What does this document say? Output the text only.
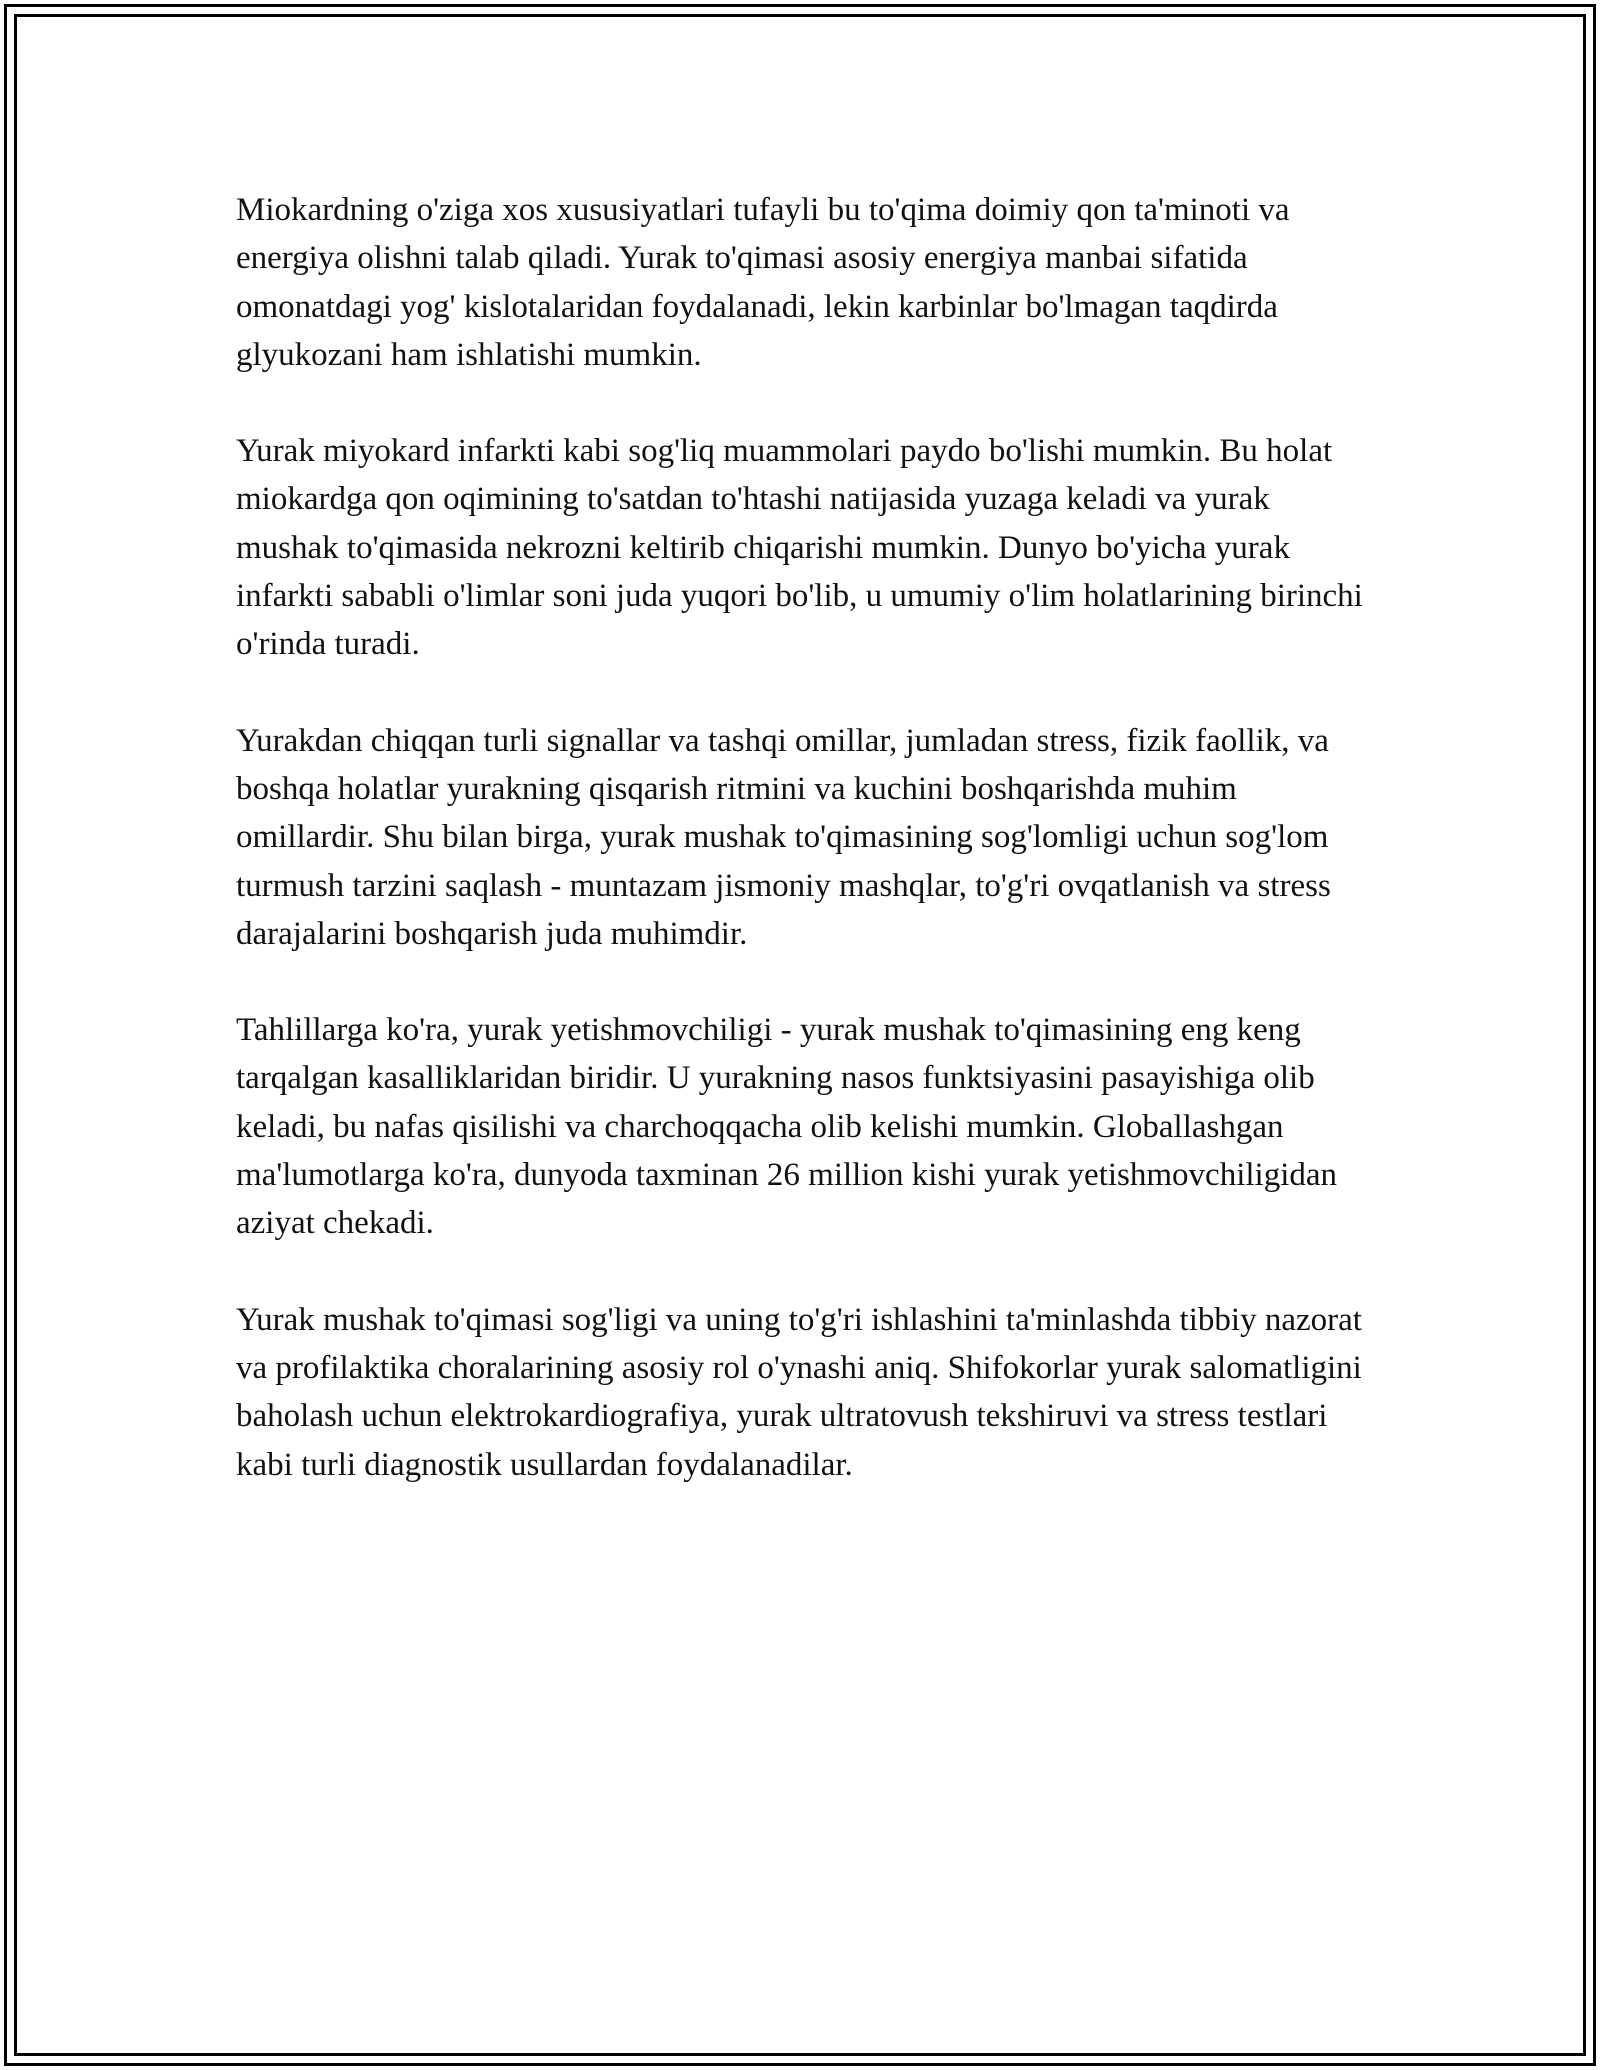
Miokardning o'ziga xos xususiyatlari tufayli bu to'qima doimiy qon ta'minoti va energiya olishni talab qiladi. Yurak to'qimasi asosiy energiya manbai sifatida omonatdagi yog' kislotalaridan foydalanadi, lekin karbinlar bo'lmagan taqdirda glyukozani ham ishlatishi mumkin.

Yurak miyokard infarkti kabi sog'liq muammolari paydo bo'lishi mumkin. Bu holat miokardga qon oqimining to'satdan to'htashi natijasida yuzaga keladi va yurak mushak to'qimasida nekrozni keltirib chiqarishi mumkin. Dunyo bo'yicha yurak infarkti sababli o'limlar soni juda yuqori bo'lib, u umumiy o'lim holatlarining birinchi o'rinda turadi.

Yurakdan chiqqan turli signallar va tashqi omillar, jumladan stress, fizik faollik, va boshqa holatlar yurakning qisqarish ritmini va kuchini boshqarishda muhim omillardir. Shu bilan birga, yurak mushak to'qimasining sog'lomligi uchun sog'lom turmush tarzini saqlash - muntazam jismoniy mashqlar, to'g'ri ovqatlanish va stress darajalarini boshqarish juda muhimdir.

Tahlillarga ko'ra, yurak yetishmovchiligi - yurak mushak to'qimasining eng keng tarqalgan kasalliklaridan biridir. U yurakning nasos funktsiyasini pasayishiga olib keladi, bu nafas qisilishi va charchoqqacha olib kelishi mumkin. Globallashgan ma'lumotlarga ko'ra, dunyoda taxminan 26 million kishi yurak yetishmovchiligidan aziyat chekadi.

Yurak mushak to'qimasi sog'ligi va uning to'g'ri ishlashini ta'minlashda tibbiy nazorat va profilaktika choralarining asosiy rol o'ynashi aniq. Shifokorlar yurak salomatligini baholash uchun elektrokardiografiya, yurak ultratovush tekshiruvi va stress testlari kabi turli diagnostik usullardan foydalanadilar.
